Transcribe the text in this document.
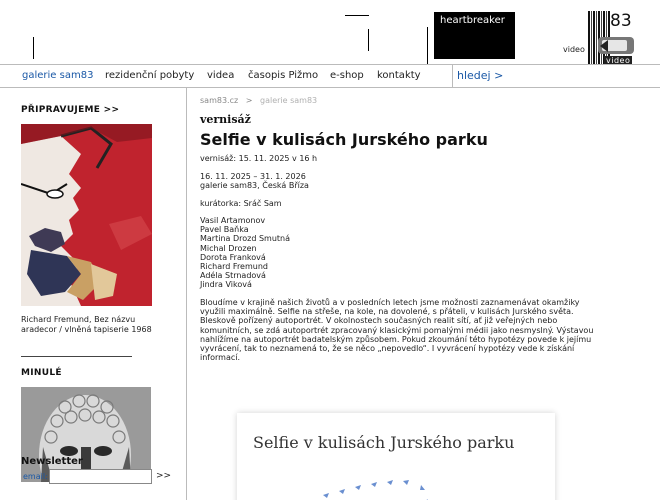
heartbreaker
video
83
video
galerie sam83 rezidenční pobyty videa časopis Pižmo e-shop kontakty	hledej >
PŘIPRAVUJEME >>
Richard Fremund, Bez názvu aradecor / vlněná tapiserie 1968
MINULÉ
Newsletter
email:	>>
sam83.cz > galerie sam83
vernisáž
Selfie v kulisách Jurského parku
vernisáž: 15. 11. 2025 v 16 h
16. 11. 2025 – 31. 1. 2026
galerie sam83, Česká Bříza
kurátorka: Sráč Sam
Vasil Artamonov
Pavel Baňka
Martina Drozd Smutná
Michal Drozen
Dorota Franková
Richard Fremund
Adéla Strnadová
Jindra Viková
Bloudíme v krajině našich životů a v posledních letech jsme možnosti zaznamenávat okamžiky využili maximálně. Selfie na střeše, na kole, na dovolené, s přáteli, v kulisách Jurského světa. Bleskově pořízený autoportrét. V okolnostech současných realit sítí, ať již veřejných nebo komunitních, se zdá autoportrét zpracovaný klasickými pomalými médii jako nesmyslný. Výstavou nahlížíme na autoportrét badatelským způsobem. Pokud zkoumání této hypotézy povede k jejímu vyvrácení, tak to neznamená to, že se něco „nepovedlo“. I vyvrácení hypotézy vede k získání informací.
Selfie v kulisách Jurského parku
